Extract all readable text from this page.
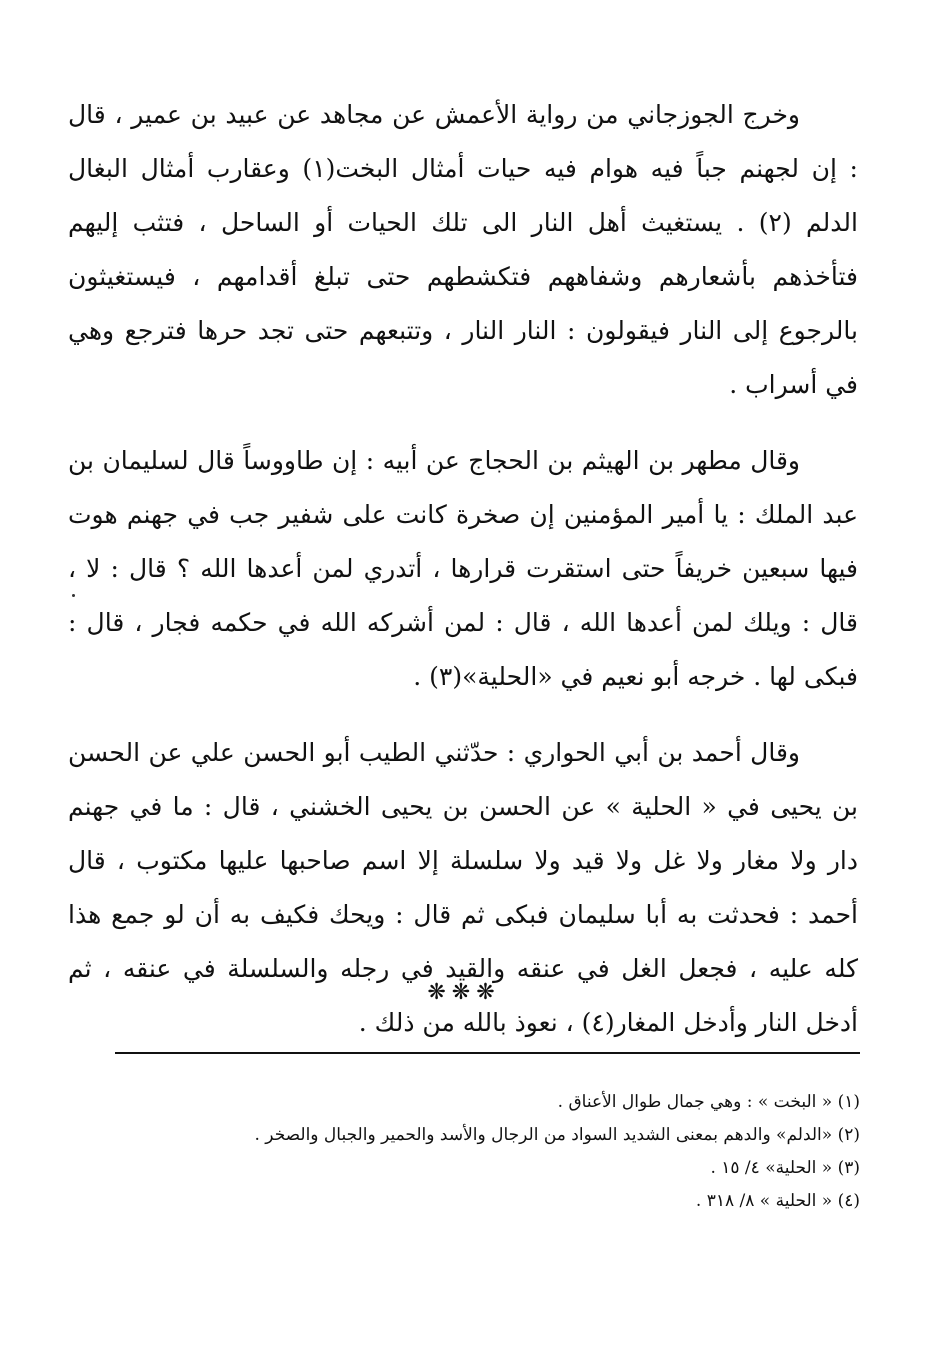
وخرج الجوزجاني من رواية الأعمش عن مجاهد عن عبيد بن عمير ، قال : إن لجهنم جباً فيه هوام فيه حيات أمثال البخت(١) وعقارب أمثال البغال الدلم (٢) . يستغيث أهل النار الى تلك الحيات أو الساحل ، فتثب إليهم فتأخذهم بأشعارهم وشفاههم فتكشطهم حتى تبلغ أقدامهم ، فيستغيثون بالرجوع إلى النار فيقولون : النار النار ، وتتبعهم حتى تجد حرها فترجع وهي في أسراب .

وقال مطهر بن الهيثم بن الحجاج عن أبيه : إن طاووساً قال لسليمان بن عبد الملك : يا أمير المؤمنين إن صخرة كانت على شفير جب في جهنم هوت فيها سبعين خريفاً حتى استقرت قرارها ، أتدري لمن أعدها الله ؟ قال : لا ، قال : ويلك لمن أعدها الله ، قال : لمن أشركه الله في حكمه فجار ، قال : فبكى لها . خرجه أبو نعيم في «الحلية»(٣) .

وقال أحمد بن أبي الحواري : حدّثني الطيب أبو الحسن علي عن الحسن بن يحيى في « الحلية » عن الحسن بن يحيى الخشني ، قال : ما في جهنم دار ولا مغار ولا غل ولا قيد ولا سلسلة إلا اسم صاحبها عليها مكتوب ، قال أحمد : فحدثت به أبا سليمان فبكى ثم قال : ويحك فكيف به أن لو جمع هذا كله عليه ، فجعل الغل في عنقه والقيد في رجله والسلسلة في عنقه ، ثم أدخل النار وأدخل المغار(٤) ، نعوذ بالله من ذلك .

❋❋❋
(١) « البخت » : وهي جمال طوال الأعناق .
(٢) «الدلم» والدهم بمعنى الشديد السواد من الرجال والأسد والحمير والجبال والصخر .
(٣) « الحلية» ٤/ ١٥ .
(٤) « الحلية » ٨/ ٣١٨ .
